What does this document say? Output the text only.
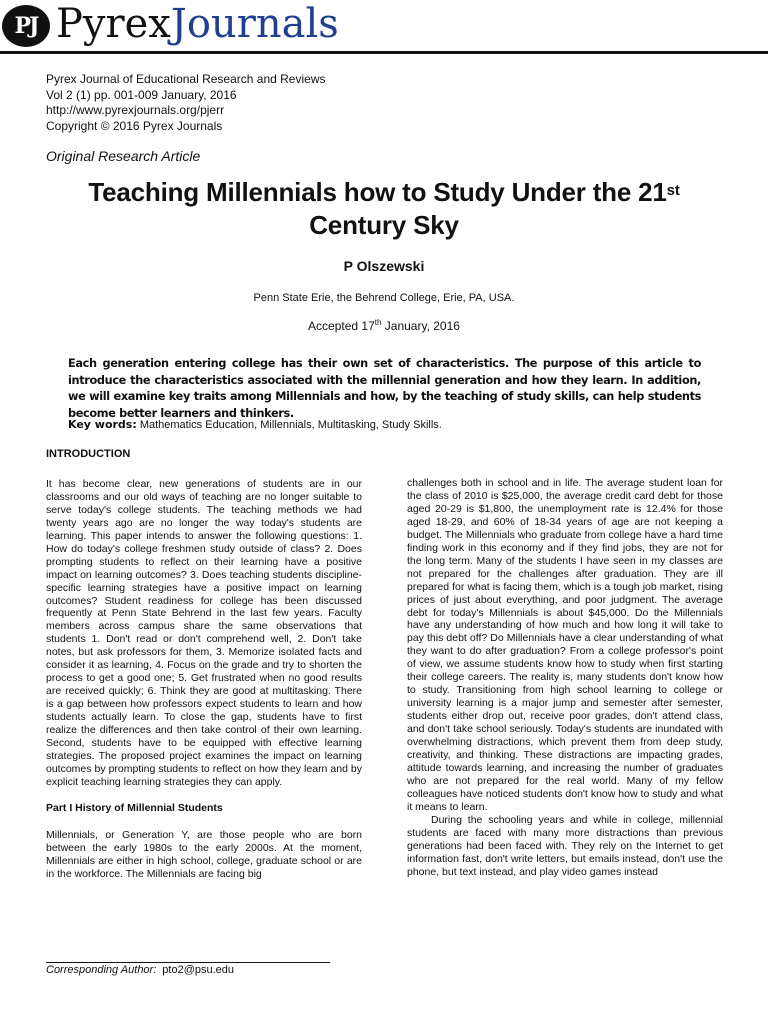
PJ PyrexJournals
Pyrex Journal of Educational Research and Reviews
Vol 2 (1) pp. 001-009 January, 2016
http://www.pyrexjournals.org/pjerr
Copyright © 2016 Pyrex Journals
Original Research Article
Teaching Millennials how to Study Under the 21st
Century Sky
P Olszewski
Penn State Erie, the Behrend College, Erie, PA, USA.
Accepted 17th January, 2016
Each generation entering college has their own set of characteristics. The purpose of this article to introduce the characteristics associated with the millennial generation and how they learn. In addition, we will examine key traits among Millennials and how, by the teaching of study skills, can help students become better learners and thinkers.
Key words: Mathematics Education, Millennials, Multitasking, Study Skills.
INTRODUCTION

It has become clear, new generations of students are in our classrooms and our old ways of teaching are no longer suitable to serve today's college students. The teaching methods we had twenty years ago are no longer the way today's students are learning. This paper intends to answer the following questions: 1. How do today's college freshmen study outside of class? 2. Does prompting students to reflect on their learning have a positive impact on learning outcomes? 3. Does teaching students discipline-specific learning strategies have a positive impact on learning outcomes? Student readiness for college has been discussed frequently at Penn State Behrend in the last few years. Faculty members across campus share the same observations that students 1. Don't read or don't comprehend well, 2. Don't take notes, but ask professors for them, 3. Memorize isolated facts and consider it as learning, 4. Focus on the grade and try to shorten the process to get a good one; 5. Get frustrated when no good results are received quickly; 6. Think they are good at multitasking. There is a gap between how professors expect students to learn and how students actually learn. To close the gap, students have to first realize the differences and then take control of their own learning. Second, students have to be equipped with effective learning strategies. The proposed project examines the impact on learning outcomes by prompting students to reflect on how they learn and by explicit teaching learning strategies they can apply.

Part I History of Millennial Students

Millennials, or Generation Y, are those people who are born between the early 1980s to the early 2000s. At the moment, Millennials are either in high school, college, graduate school or are in the workforce. The Millennials are facing big

challenges both in school and in life. The average student loan for the class of 2010 is $25,000, the average credit card debt for those aged 20-29 is $1,800, the unemployment rate is 12.4% for those aged 18-29, and 60% of 18-34 years of age are not keeping a budget. The Millennials who graduate from college have a hard time finding work in this economy and if they find jobs, they are not for the long term. Many of the students I have seen in my classes are not prepared for the challenges after graduation. They are ill prepared for what is facing them, which is a tough job market, rising prices of just about everything, and poor judgment. The average debt for today's Millennials is about $45,000. Do the Millennials have any understanding of how much and how long it will take to pay this debt off? Do Millennials have a clear understanding of what they want to do after graduation? From a college professor's point of view, we assume students know how to study when first starting their college careers. The reality is, many students don't know how to study. Transitioning from high school learning to college or university learning is a major jump and semester after semester, students either drop out, receive poor grades, don't attend class, and don't take school seriously. Today's students are inundated with overwhelming distractions, which prevent them from deep study, creativity, and thinking. These distractions are impacting grades, attitude towards learning, and increasing the number of graduates who are not prepared for the real world. Many of my fellow colleagues have noticed students don't know how to study and what it means to learn.

During the schooling years and while in college, millennial students are faced with many more distractions than previous generations had been faced with. They rely on the Internet to get information fast, don't write letters, but emails instead, don't use the phone, but text instead, and play video games instead

Corresponding Author: pto2@psu.edu
